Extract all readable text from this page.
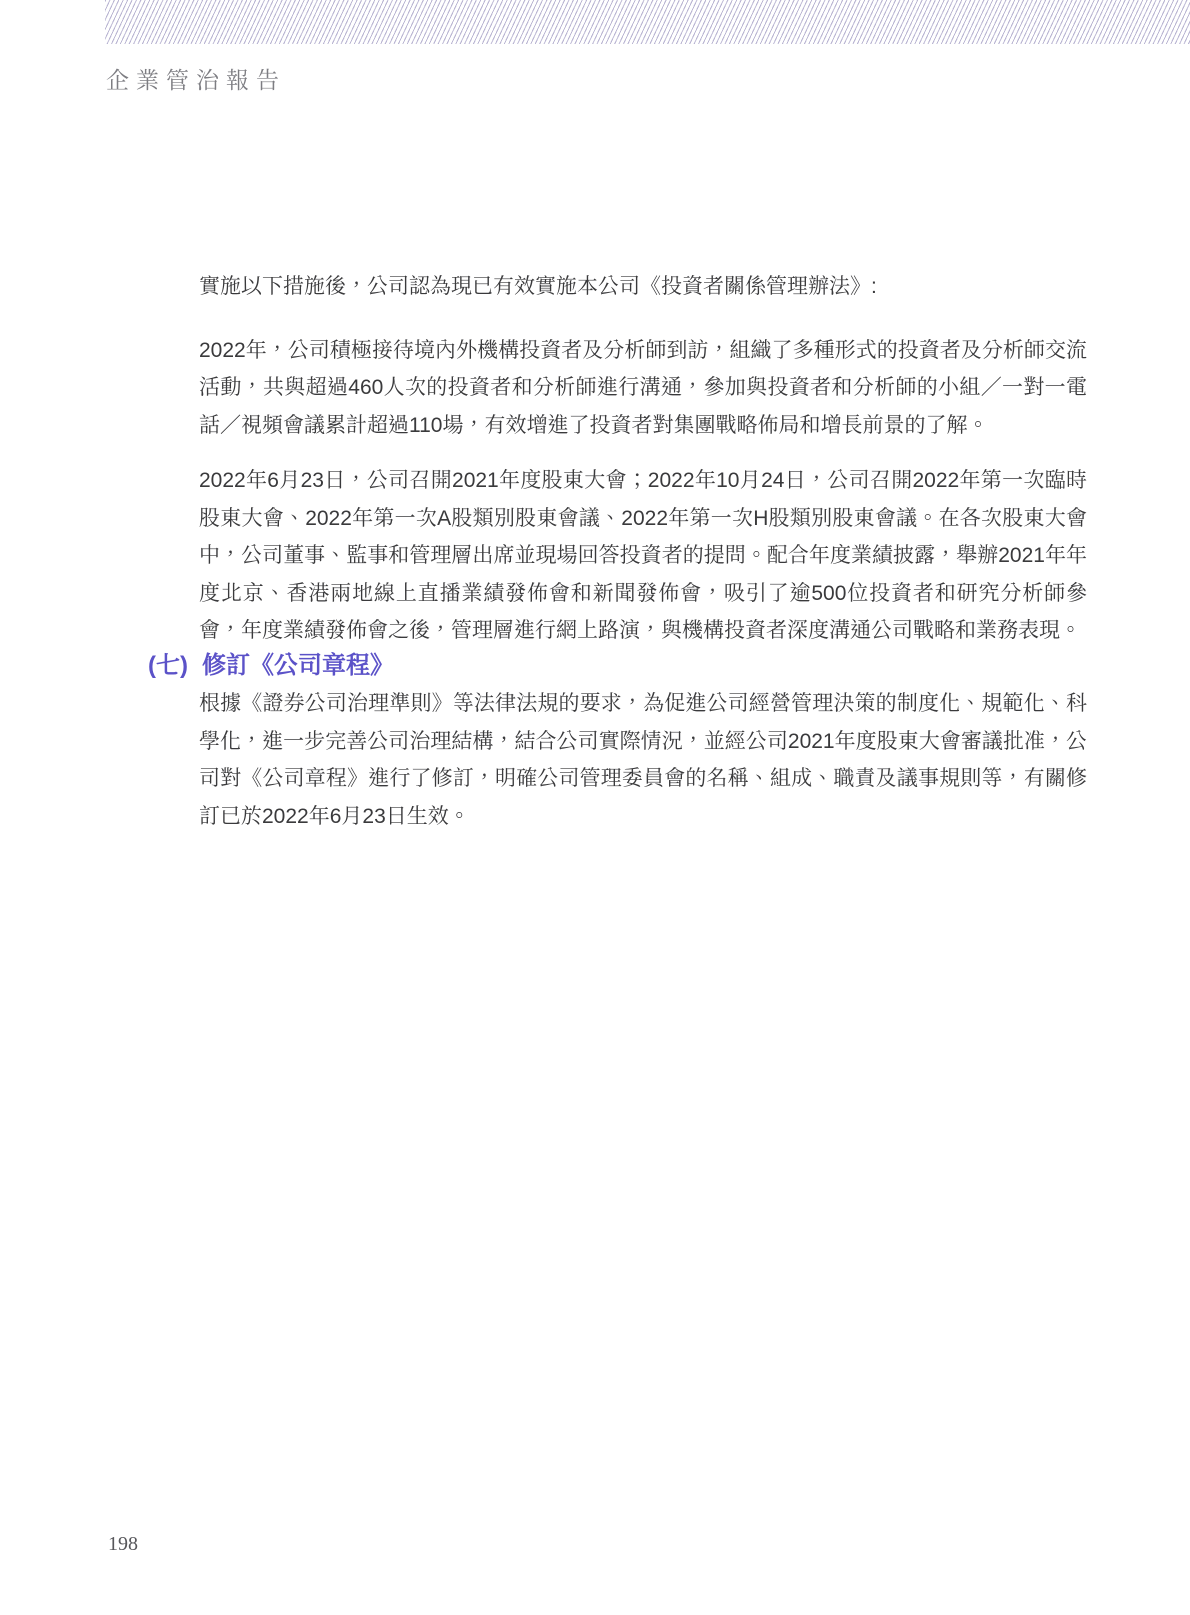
企業管治報告

實施以下措施後，公司認為現已有效實施本公司《投資者關係管理辦法》:

2022年，公司積極接待境內外機構投資者及分析師到訪，組織了多種形式的投資者及分析師交流活動，共與超過460人次的投資者和分析師進行溝通，參加與投資者和分析師的小組／一對一電話／視頻會議累計超過110場，有效增進了投資者對集團戰略佈局和增長前景的了解。

2022年6月23日，公司召開2021年度股東大會；2022年10月24日，公司召開2022年第一次臨時股東大會、2022年第一次A股類別股東會議、2022年第一次H股類別股東會議。在各次股東大會中，公司董事、監事和管理層出席並現場回答投資者的提問。配合年度業績披露，舉辦2021年年度北京、香港兩地線上直播業績發佈會和新聞發佈會，吸引了逾500位投資者和研究分析師參會，年度業績發佈會之後，管理層進行網上路演，與機構投資者深度溝通公司戰略和業務表現。

(七) 修訂《公司章程》

根據《證券公司治理準則》等法律法規的要求，為促進公司經營管理決策的制度化、規範化、科學化，進一步完善公司治理結構，結合公司實際情況，並經公司2021年度股東大會審議批准，公司對《公司章程》進行了修訂，明確公司管理委員會的名稱、組成、職責及議事規則等，有關修訂已於2022年6月23日生效。

198
